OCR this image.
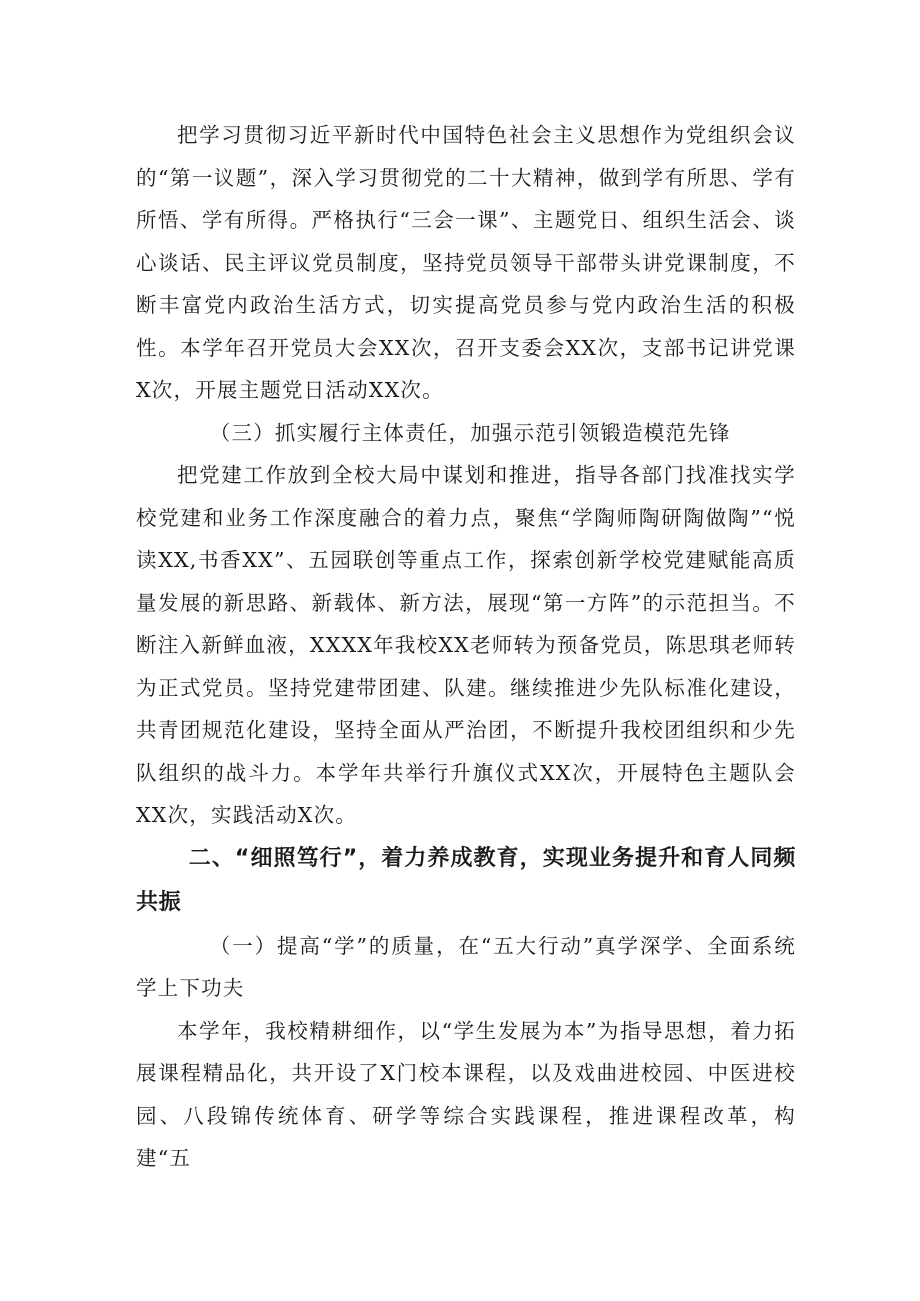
把学习贯彻习近平新时代中国特色社会主义思想作为党组织会议的“第一议题”，深入学习贯彻党的二十大精神，做到学有所思、学有所悟、学有所得。严格执行“三会一课”、主题党日、组织生活会、谈心谈话、民主评议党员制度，坚持党员领导干部带头讲党课制度，不断丰富党内政治生活方式，切实提高党员参与党内政治生活的积极性。本学年召开党员大会XX次，召开支委会XX次，支部书记讲党课X次，开展主题党日活动XX次。

（三）抓实履行主体责任，加强示范引领锻造模范先锋

把党建工作放到全校大局中谋划和推进，指导各部门找准找实学校党建和业务工作深度融合的着力点，聚焦“学陶师陶研陶做陶”“悦读XX,书香XX”、五园联创等重点工作，探索创新学校党建赋能高质量发展的新思路、新载体、新方法，展现“第一方阵”的示范担当。不断注入新鲜血液，XXXX年我校XX老师转为预备党员，陈思琪老师转为正式党员。坚持党建带团建、队建。继续推进少先队标准化建设，共青团规范化建设，坚持全面从严治团，不断提升我校团组织和少先队组织的战斗力。本学年共举行升旗仪式XX次，开展特色主题队会XX次，实践活动X次。

二、“细照笃行”，着力养成教育，实现业务提升和育人同频共振

（一）提高“学”的质量，在“五大行动”真学深学、全面系统学上下功夫

本学年，我校精耕细作，以“学生发展为本”为指导思想，着力拓展课程精品化，共开设了X门校本课程，以及戏曲进校园、中医进校园、八段锦传统体育、研学等综合实践课程，推进课程改革，构建“五
